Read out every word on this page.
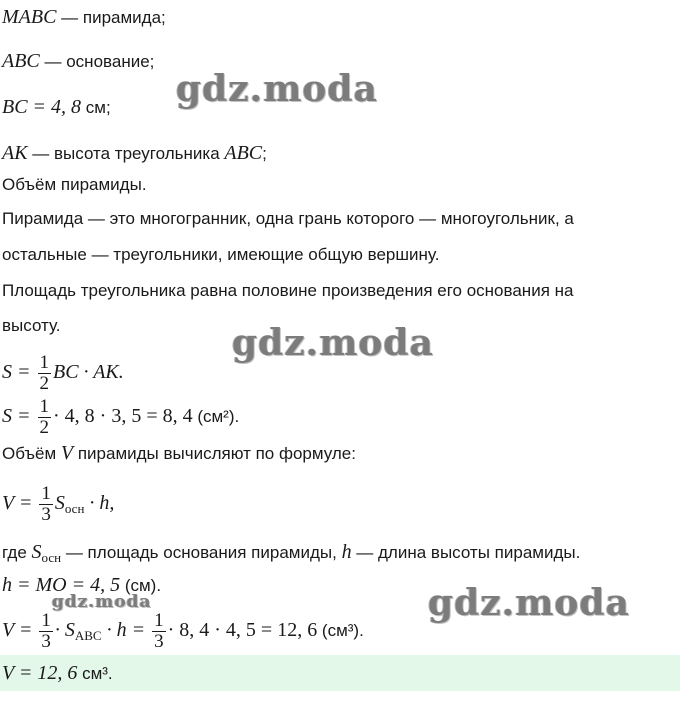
MABC — пирамида;
ABC — основание;
BC = 4, 8 см;
AK — высота треугольника ABC;
Объём пирамиды.
Пирамида — это многогранник, одна грань которого — многоугольник, а
остальные — треугольники, имеющие общую вершину.
Площадь треугольника равна половине произведения его основания на
высоту.
$S = \frac{1}{2}$ BC · AK.
$S = \frac{1}{2} \cdot 4$, 8 · 3, 5 = 8, 4 (см²).
Объём V пирамиды вычисляют по формуле:
$V = \frac{1}{3} S_{осн} \cdot h$,
где $S_{осн}$ — площадь основания пирамиды, h — длина высоты пирамиды.
h = MO = 4, 5 (см).
$V = \frac{1}{3} \cdot S_{ABC} \cdot h = \frac{1}{3} \cdot 8$, 4 · 4, 5 = 12, 6 (см³).
V = 12, 6 см³.
gdz.moda
gdz.moda
gdz.moda	gdz.moda
